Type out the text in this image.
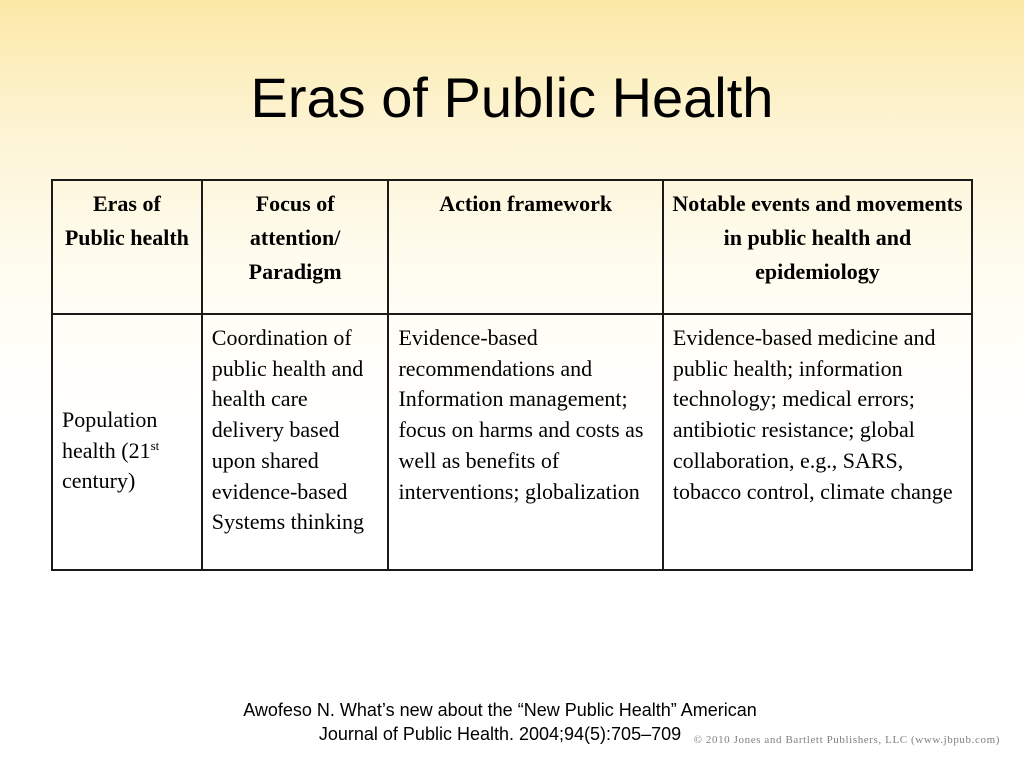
Eras of Public Health
Eras of Public health	Focus of attention/ Paradigm	Action framework	Notable events and movements in public health and epidemiology
Population health (21st century)	Coordination of public health and health care delivery based upon shared evidence-based Systems thinking	Evidence-based recommendations and Information management; focus on harms and costs as well as benefits of interventions; globalization	Evidence-based medicine and public health; information technology; medical errors; antibiotic resistance; global collaboration, e.g., SARS, tobacco control, climate change
Awofeso N. What’s new about the “New Public Health” American
Journal of Public Health. 2004;94(5):705–709	© 2010 Jones and Bartlett Publishers, LLC (www.jbpub.com)
